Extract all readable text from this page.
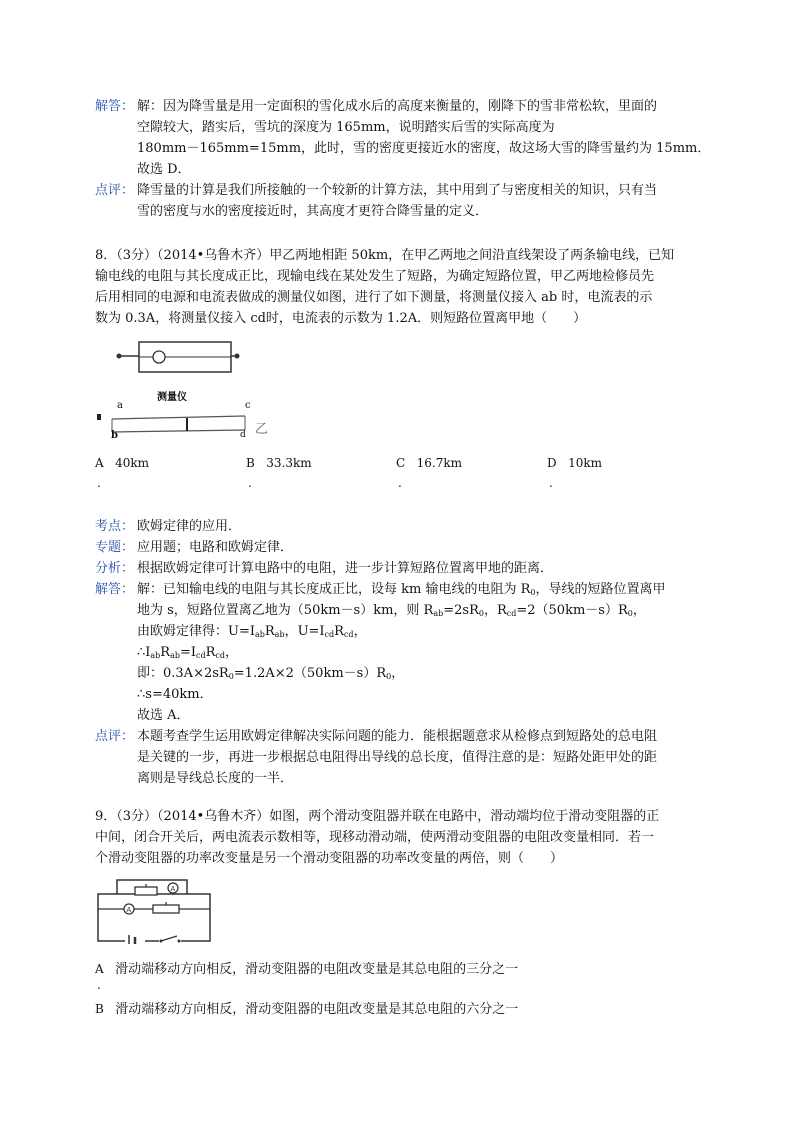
解答： 解：因为降雪量是用一定面积的雪化成水后的高度来衡量的，刚降下的雪非常松软，里面的
空隙较大，踏实后，雪坑的深度为 165mm，说明踏实后雪的实际高度为
180mm－165mm=15mm，此时，雪的密度更接近水的密度，故这场大雪的降雪量约为 15mm．
故选 D．
点评： 降雪量的计算是我们所接触的一个较新的计算方法，其中用到了与密度相关的知识，只有当
雪的密度与水的密度接近时，其高度才更符合降雪量的定义．
8．（3分）（2014•乌鲁木齐）甲乙两地相距 50km，在甲乙两地之间沿直线架设了两条输电线，已知
输电线的电阻与其长度成正比，现输电线在某处发生了短路，为确定短路位置，甲乙两地检修员先
后用相同的电源和电流表做成的测量仪如图，进行了如下测量，将测量仪接入 ab 时，电流表的示
数为 0.3A，将测量仪接入 cd时，电流表的示数为 1.2A．则短路位置离甲地（　　）
测量仪
a
b
c
d 乙
A 40km	B 33.3km	C 16.7km	D 10km
.	.	.	.
考点： 欧姆定律的应用．
专题： 应用题；电路和欧姆定律．
分析： 根据欧姆定律可计算电路中的电阻，进一步计算短路位置离甲地的距离．
解答： 解：已知输电线的电阻与其长度成正比，设每 km 输电线的电阻为 $R_0$，导线的短路位置离甲
地为 s，短路位置离乙地为（50km－s）km，则 $R_{ab}=2sR_0$，$R_{cd}=2(50km-s)R_0$，
由欧姆定律得：$U=I_{ab}R_{ab}$，$U=I_{cd}R_{cd}$，
$\therefore I_{ab}R_{ab}=I_{cd}R_{cd}$，
即：$0.3A\times 2sR_0=1.2A\times 2(50km-s)R_0$，
∴s=40km．
故选 A．
点评： 本题考查学生运用欧姆定律解决实际问题的能力．能根据题意求从检修点到短路处的总电阻
是关键的一步，再进一步根据总电阻得出导线的总长度，值得注意的是：短路处距甲处的距
离则是导线总长度的一半．
9．（3分）（2014•乌鲁木齐）如图，两个滑动变阻器并联在电路中，滑动端均位于滑动变阻器的正
中间，闭合开关后，两电流表示数相等，现移动滑动端，使两滑动变阻器的电阻改变量相同．若一
个滑动变阻器的功率改变量是另一个滑动变阻器的功率改变量的两倍，则（　　）
A
A
A 滑动端移动方向相反，滑动变阻器的电阻改变量是其总电阻的三分之一
.
B 滑动端移动方向相反，滑动变阻器的电阻改变量是其总电阻的六分之一
